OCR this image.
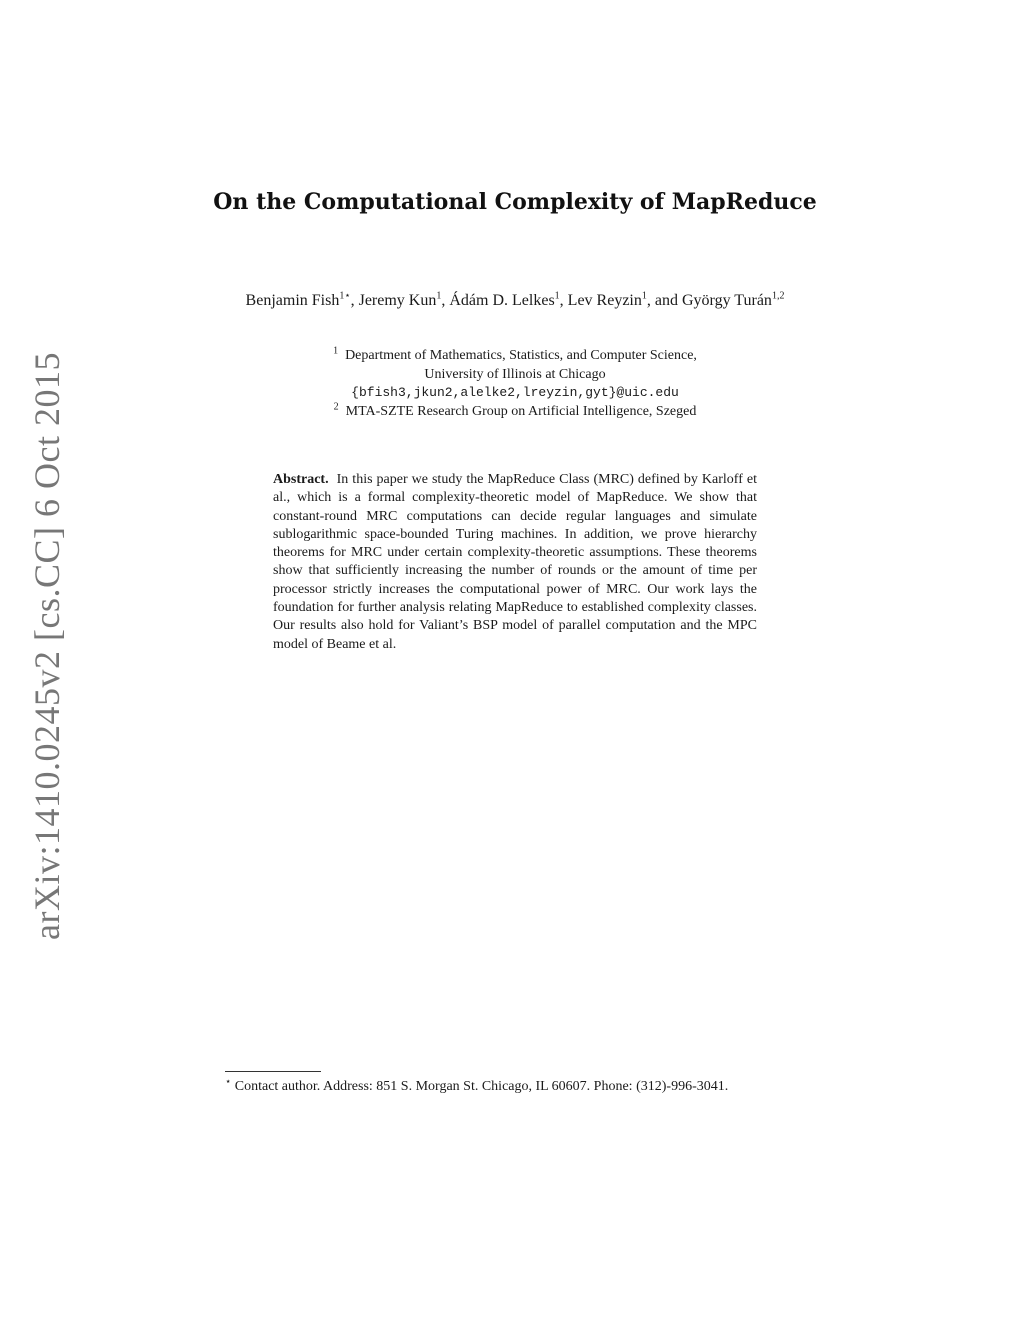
arXiv:1410.0245v2 [cs.CC] 6 Oct 2015
On the Computational Complexity of MapReduce
Benjamin Fish$^{1⋆}$, Jeremy Kun$^1$, Ádám D. Lelkes$^1$, Lev Reyzin$^1$, and György Turán$^{1,2}$
$^1$ Department of Mathematics, Statistics, and Computer Science,
University of Illinois at Chicago
{bfish3,jkun2,alelke2,lreyzin,gyt}@uic.edu
$^2$ MTA-SZTE Research Group on Artificial Intelligence, Szeged
Abstract. In this paper we study the MapReduce Class (MRC) defined by Karloff et al., which is a formal complexity-theoretic model of MapReduce. We show that constant-round MRC computations can decide regular languages and simulate sublogarithmic space-bounded Turing machines. In addition, we prove hierarchy theorems for MRC under certain complexity-theoretic assumptions. These theorems show that sufficiently increasing the number of rounds or the amount of time per processor strictly increases the computational power of MRC. Our work lays the foundation for further analysis relating MapReduce to established complexity classes. Our results also hold for Valiant’s BSP model of parallel computation and the MPC model of Beame et al.
⋆ Contact author. Address: 851 S. Morgan St. Chicago, IL 60607. Phone: (312)-996-3041.
